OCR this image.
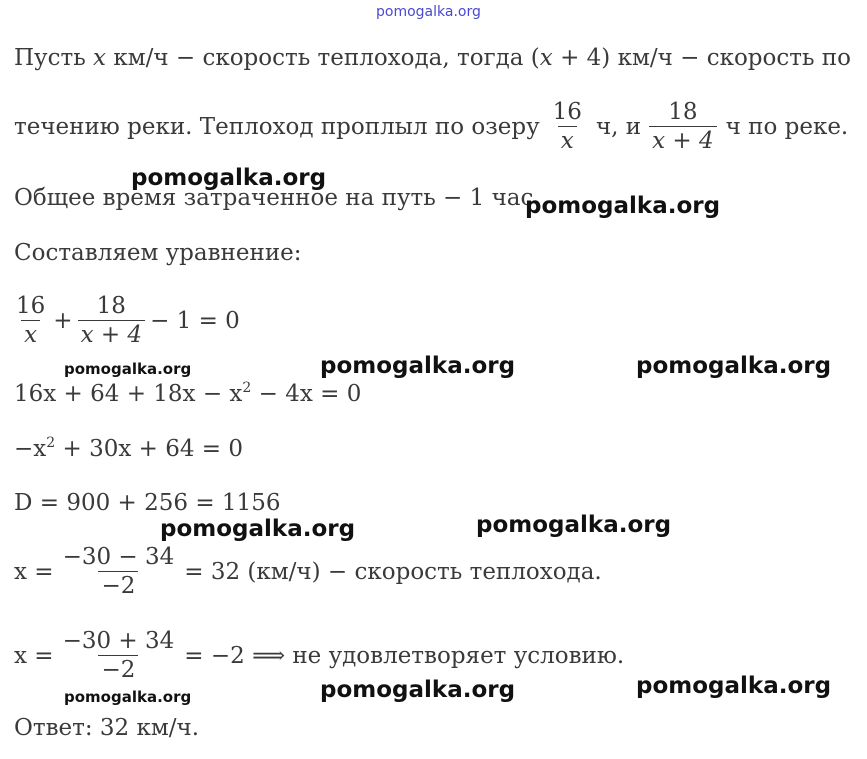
pomogalka.org
Пусть x км/ч − скорость теплохода, тогда (x + 4) км/ч − скорость по
течению реки. Теплоход проплыл по озеру $\frac{16}{x} ч$, и $\frac{18}{x + 4}$ ч по реке.
Общее время затраченное на путь − 1 час.
Составляем уравнение:
$\frac{16}{x} + \frac{18}{x + 4} - 1 = 0$
$16x + 64 + 18x - x^2 - 4x = 0$
$-x^2 + 30x + 64 = 0$
D = 900 + 256 = 1156
$x = \frac{-30 - 34}{-2} = 32$ (км/ч) − скорость теплохода.
$x = \frac{-30 + 34}{-2} = -2$ ⟹ не удовлетворяет условию.
Ответ: 32 км/ч.
pomogalka.org
pomogalka.org
pomogalka.org	pomogalka.org	pomogalka.org
pomogalka.org	pomogalka.org
pomogalka.org	pomogalka.org	pomogalka.org
